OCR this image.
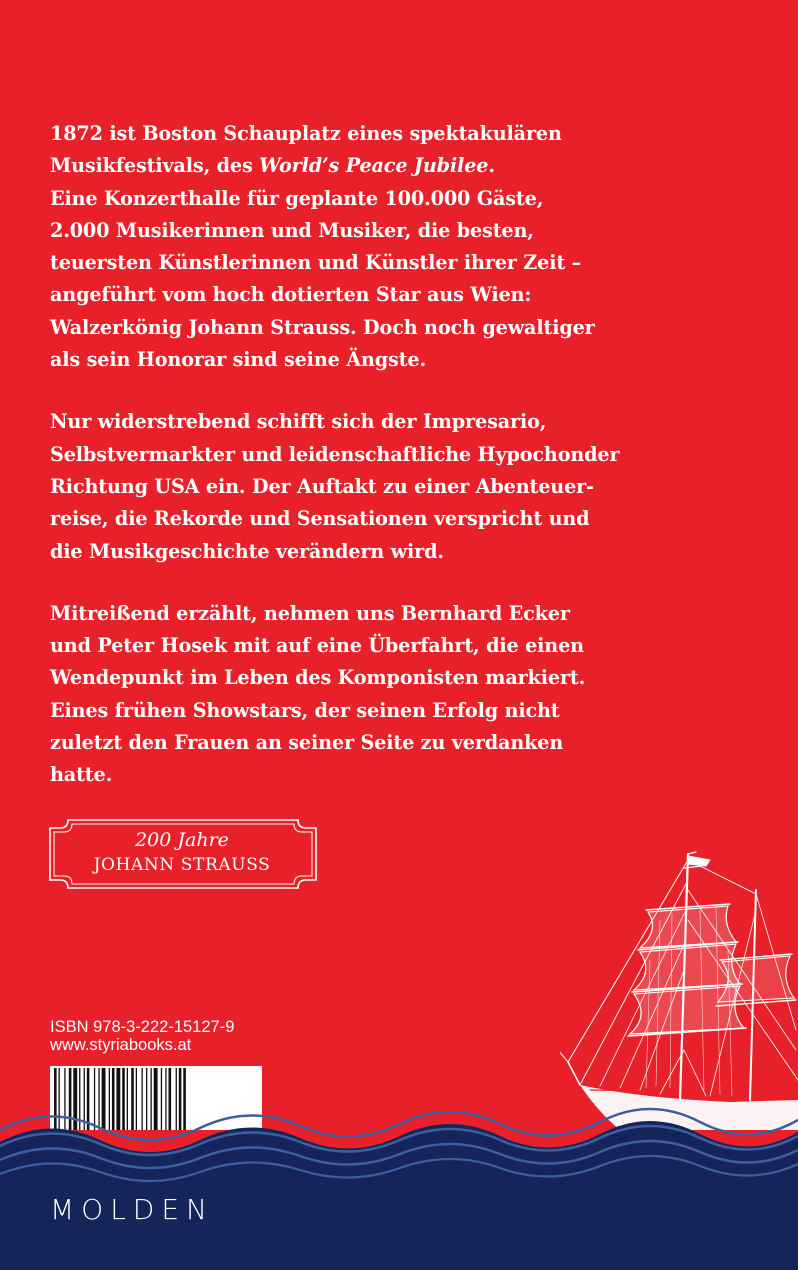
1872 ist Boston Schauplatz eines spektakulären
Musikfestivals, des World’s Peace Jubilee.
Eine Konzerthalle für geplante 100.000 Gäste,
2.000 Musikerinnen und Musiker, die besten,
teuersten Künstlerinnen und Künstler ihrer Zeit –
angeführt vom hoch dotierten Star aus Wien:
Walzerkönig Johann Strauss. Doch noch gewaltiger
als sein Honorar sind seine Ängste.

Nur widerstrebend schifft sich der Impresario,
Selbstvermarkter und leidenschaftliche Hypochonder
Richtung USA ein. Der Auftakt zu einer Abenteuer-
reise, die Rekorde und Sensationen verspricht und
die Musikgeschichte verändern wird.

Mitreißend erzählt, nehmen uns Bernhard Ecker
und Peter Hosek mit auf eine Überfahrt, die einen
Wendepunkt im Leben des Komponisten markiert.
Eines frühen Showstars, der seinen Erfolg nicht
zuletzt den Frauen an seiner Seite zu verdanken
hatte.

200 Jahre
JOHANN STRAUSS
ISBN 978-3-222-15127-9
www.styriabooks.at
MOLDEN
